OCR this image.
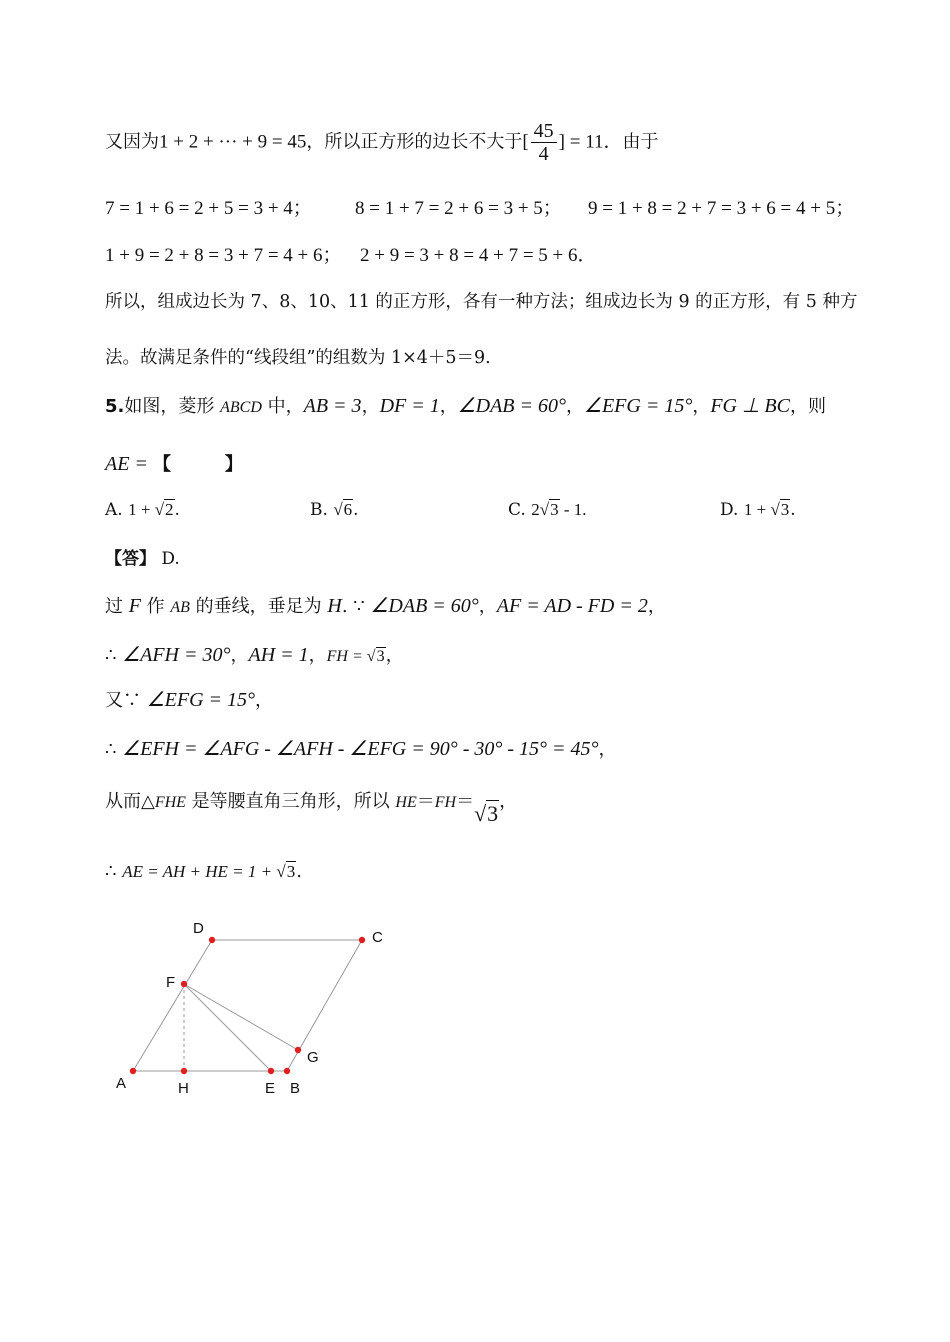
又因为1 + 2 + ··· + 9 = 45，所以正方形的边长不大于[ $\frac{45}{4}$ ] = 11．由于
7 = 1 + 6 = 2 + 5 = 3 + 4； 8 = 1 + 7 = 2 + 6 = 3 + 5； 9 = 1 + 8 = 2 + 7 = 3 + 6 = 4 + 5；
1 + 9 = 2 + 8 = 3 + 7 = 4 + 6； 2 + 9 = 3 + 8 = 4 + 7 = 5 + 6．
所以，组成边长为 7、8、10、11 的正方形，各有一种方法；组成边长为 9 的正方形，有 5 种方
法。故满足条件的“线段组”的组数为 1×4＋5＝9.
5.如图，菱形 ABCD 中，AB = 3，DF = 1，∠DAB = 60°，∠EFG = 15°，FG ⊥ BC，则
AE = 【　　　】
A. 1 + √2.	B. √6.	C. 2√3 - 1.	D. 1 + √3.
【答】 D.
过 F 作 AB 的垂线，垂足为 H. ∵ ∠DAB = 60°，AF = AD - FD = 2，
∴ ∠AFH = 30°，AH = 1，FH = √3，
又∵ ∠EFG = 15°，
∴ ∠EFH = ∠AFG - ∠AFH - ∠EFG = 90° - 30° - 15° = 45°，
从而△FHE 是等腰直角三角形，所以 HE＝FH＝√3，
∴ AE = AH + HE = 1 + √3.
A	B
C
D
E
F
G
H
